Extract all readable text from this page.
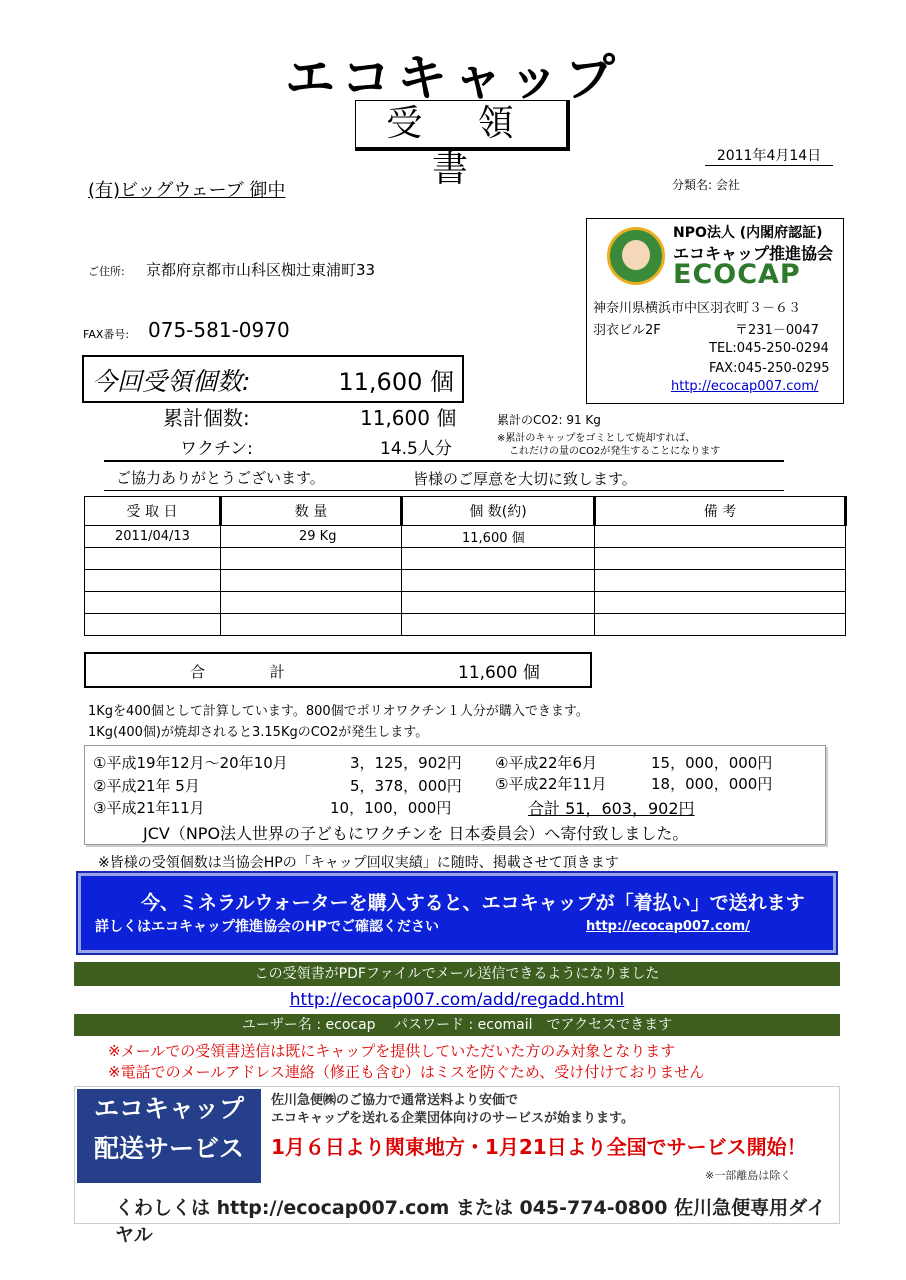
エコキャップ
受 領 書	2011年4月14日
(有)ビッグウェーブ 御中	分類名: 会社
ご住所: 京都府京都市山科区椥辻東浦町33
FAX番号: 075-581-0970
NPO法人 (内閣府認証)
エコキャップ推進協会
ECOCAP
神奈川県横浜市中区羽衣町３－６３
羽衣ビル2F	〒231－0047
TEL:045-250-0294
FAX:045-250-0295
http://ecocap007.com/
今回受領個数:	11,600 個
累計個数:	11,600 個
ワクチン:	14.5人分
累計のCO2: 91 Kg
※累計のキャップをゴミとして焼却すれば、
これだけの量のCO2が発生することになります
ご協力ありがとうございます。	皆様のご厚意を大切に致します。
受 取 日	数 量	個 数(約)	備 考
2011/04/13	29 Kg	11,600 個	

合 計	11,600 個
1Kgを400個として計算しています。800個でポリオワクチン１人分が購入できます。
1Kg(400個)が焼却されると3.15KgのCO2が発生します。
①平成19年12月～20年10月	3，125，902円
②平成21年 5月	5，378，000円
③平成21年11月	10，100，000円
④平成22年6月	15，000，000円
⑤平成22年11月	18，000，000円
合計 51，603，902円
JCV（NPO法人世界の子どもにワクチンを 日本委員会）へ寄付致しました。
※皆様の受領個数は当協会HPの「キャップ回収実績」に随時、掲載させて頂きます
今、ミネラルウォーターを購入すると、エコキャップが「着払い」で送れます
詳しくはエコキャップ推進協会のHPでご確認ください	http://ecocap007.com/
この受領書がPDFファイルでメール送信できるようになりました
http://ecocap007.com/add/regadd.html
ユーザー名 : ecocap　 パスワード : ecomail　でアクセスできます
※メールでの受領書送信は既にキャップを提供していただいた方のみ対象となります
※電話でのメールアドレス連絡（修正も含む）はミスを防ぐため、受け付けておりません
エコキャップ
配送サービス
佐川急便㈱のご協力で通常送料より安価で
エコキャップを送れる企業団体向けのサービスが始まります。
1月６日より関東地方・1月21日より全国でサービス開始！
※一部離島は除く
くわしくは http://ecocap007.com または 045-774-0800 佐川急便専用ダイヤル
